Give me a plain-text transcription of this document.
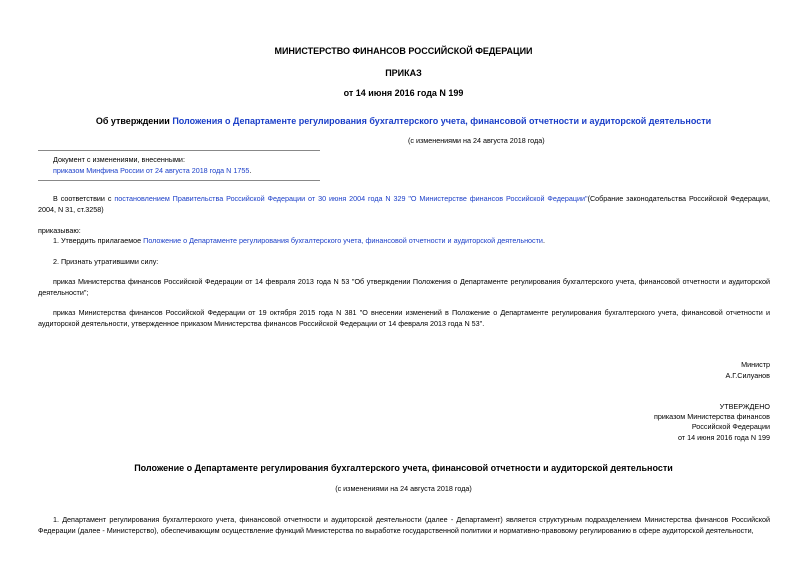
МИНИСТЕРСТВО ФИНАНСОВ РОССИЙСКОЙ ФЕДЕРАЦИИ
ПРИКАЗ
от 14 июня 2016 года N 199
Об утверждении Положения о Департаменте регулирования бухгалтерского учета, финансовой отчетности и аудиторской деятельности
(с изменениями на 24 августа 2018 года)
Документ с изменениями, внесенными:
приказом Минфина России от 24 августа 2018 года N 1755.
В соответствии с постановлением Правительства Российской Федерации от 30 июня 2004 года N 329 "О Министерстве финансов Российской Федерации"(Собрание законодательства Российской Федерации, 2004, N 31, ст.3258)
приказываю:
1. Утвердить прилагаемое Положение о Департаменте регулирования бухгалтерского учета, финансовой отчетности и аудиторской деятельности.
2. Признать утратившими силу:
приказ Министерства финансов Российской Федерации от 14 февраля 2013 года N 53 "Об утверждении Положения о Департаменте регулирования бухгалтерского учета, финансовой отчетности и аудиторской деятельности";
приказ Министерства финансов Российской Федерации от 19 октября 2015 года N 381 "О внесении изменений в Положение о Департаменте регулирования бухгалтерского учета, финансовой отчетности и аудиторской деятельности, утвержденное приказом Министерства финансов Российской Федерации от 14 февраля 2013 года N 53".
Министр
А.Г.Силуанов
УТВЕРЖДЕНО
приказом Министерства финансов
Российской Федерации
от 14 июня 2016 года N 199
Положение о Департаменте регулирования бухгалтерского учета, финансовой отчетности и аудиторской деятельности
(с изменениями на 24 августа 2018 года)
1. Департамент регулирования бухгалтерского учета, финансовой отчетности и аудиторской деятельности (далее - Департамент) является структурным подразделением Министерства финансов Российской Федерации (далее - Министерство), обеспечивающим осуществление функций Министерства по выработке государственной политики и нормативно-правовому регулированию в сфере аудиторской деятельности,
